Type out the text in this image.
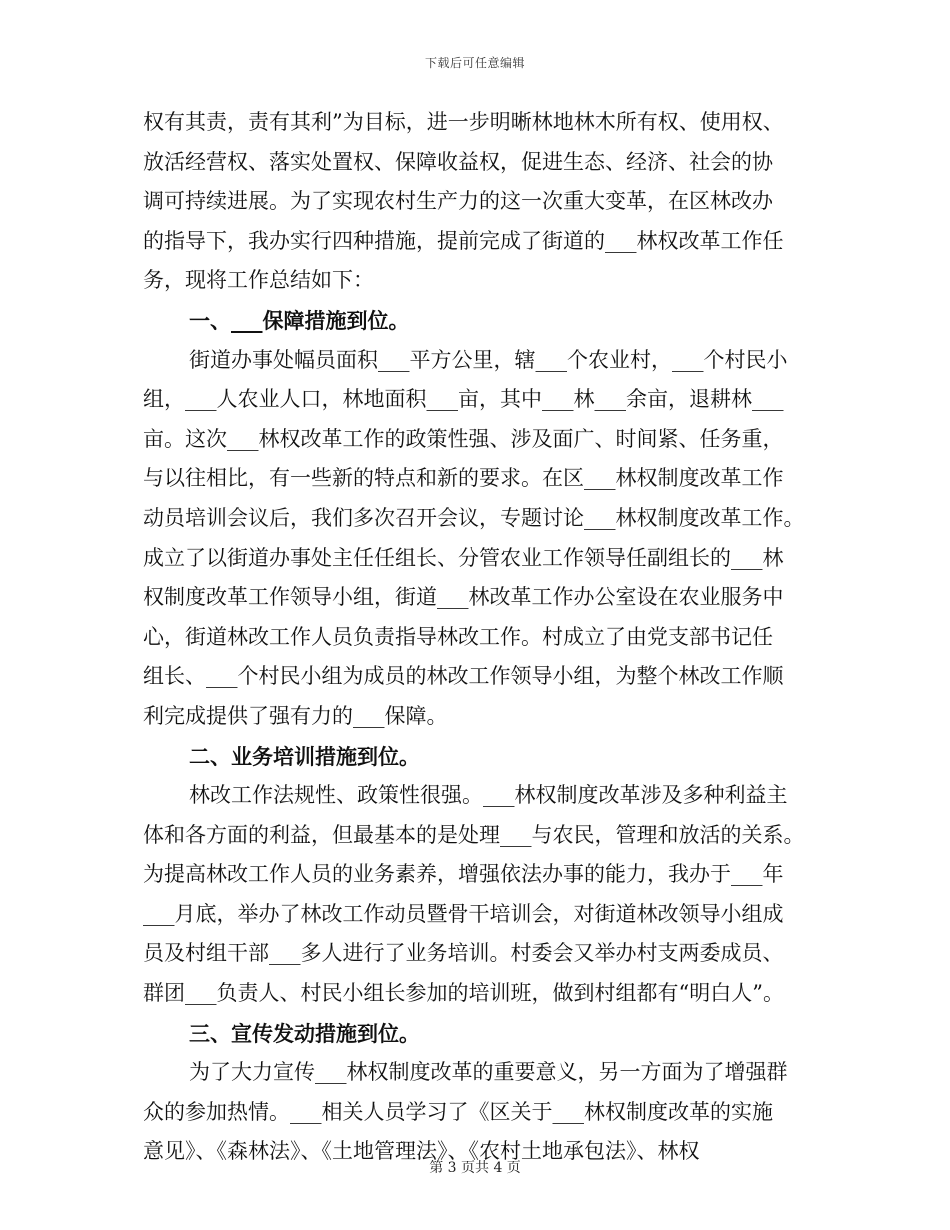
下载后可任意编辑
权有其责，责有其利”为目标，进一步明晰林地林木所有权、使用权、
放活经营权、落实处置权、保障收益权，促进生态、经济、社会的协
调可持续进展。为了实现农村生产力的这一次重大变革，在区林改办
的指导下，我办实行四种措施，提前完成了街道的___林权改革工作任
务，现将工作总结如下：
一、___保障措施到位。
街道办事处幅员面积___平方公里，辖___个农业村，___个村民小
组，___人农业人口，林地面积___亩，其中___林___余亩，退耕林___
亩。这次___林权改革工作的政策性强、涉及面广、时间紧、任务重，
与以往相比，有一些新的特点和新的要求。在区___林权制度改革工作
动员培训会议后，我们多次召开会议，专题讨论___林权制度改革工作。
成立了以街道办事处主任任组长、分管农业工作领导任副组长的___林
权制度改革工作领导小组，街道___林改革工作办公室设在农业服务中
心，街道林改工作人员负责指导林改工作。村成立了由党支部书记任
组长、___个村民小组为成员的林改工作领导小组，为整个林改工作顺
利完成提供了强有力的___保障。
二、业务培训措施到位。
林改工作法规性、政策性很强。___林权制度改革涉及多种利益主
体和各方面的利益，但最基本的是处理___与农民，管理和放活的关系。
为提高林改工作人员的业务素养，增强依法办事的能力，我办于___年
___月底，举办了林改工作动员暨骨干培训会，对街道林改领导小组成
员及村组干部___多人进行了业务培训。村委会又举办村支两委成员、
群团___负责人、村民小组长参加的培训班，做到村组都有“明白人”。
三、宣传发动措施到位。
为了大力宣传___林权制度改革的重要意义，另一方面为了增强群
众的参加热情。___相关人员学习了《区关于___林权制度改革的实施
意见》、《森林法》、《土地管理法》、《农村土地承包法》、林权
第 3 页共 4 页
